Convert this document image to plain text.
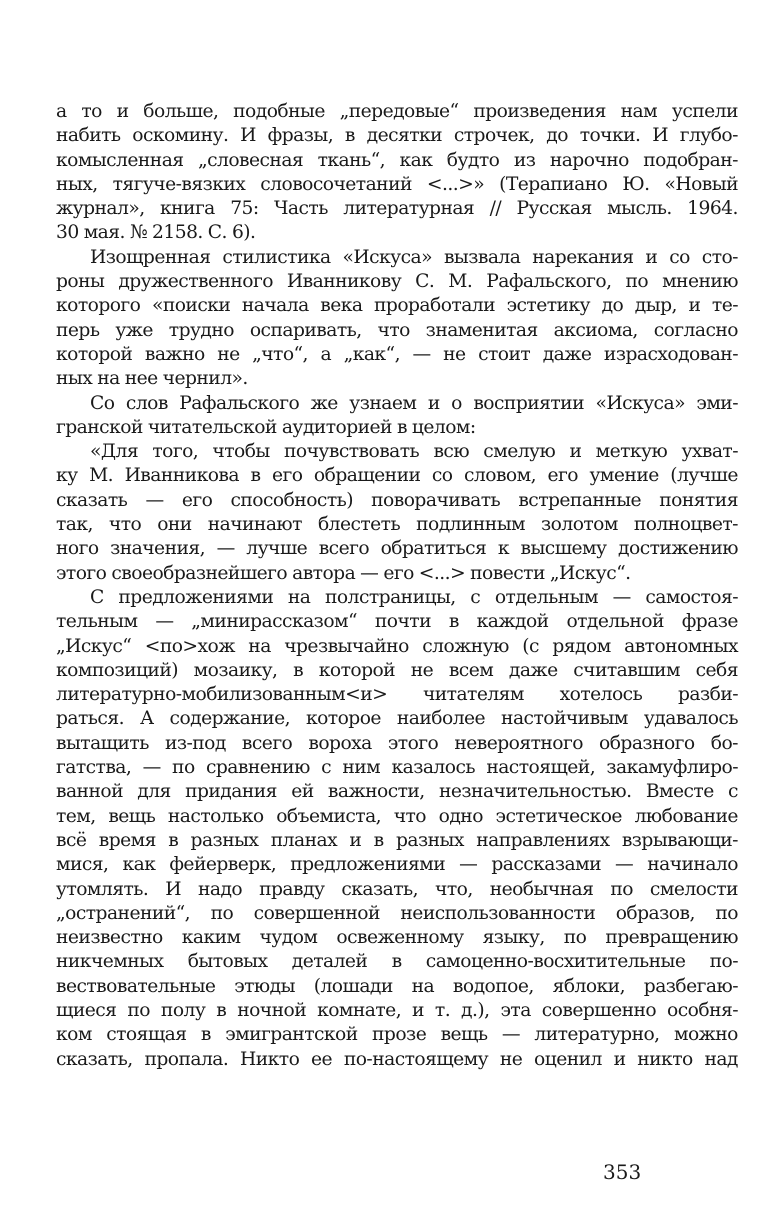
а то и больше, подобные „передовые“ произведения нам успели
набить оскомину. И фразы, в десятки строчек, до точки. И глубо-
комысленная „словесная ткань“, как будто из нарочно подобран-
ных, тягуче-вязких словосочетаний <...>» (Терапиано Ю. «Новый
журнал», книга 75: Часть литературная // Русская мысль. 1964.
30 мая. № 2158. С. 6).
Изощренная стилистика «Искуса» вызвала нарекания и со сто-
роны дружественного Иванникову С. М. Рафальского, по мнению
которого «поиски начала века проработали эстетику до дыр, и те-
перь уже трудно оспаривать, что знаменитая аксиома, согласно
которой важно не „что“, а „как“, — не стоит даже израсходован-
ных на нее чернил».
Со слов Рафальского же узнаем и о восприятии «Искуса» эми-
гранской читательской аудиторией в целом:
«Для того, чтобы почувствовать всю смелую и меткую ухват-
ку М. Иванникова в его обращении со словом, его умение (лучше
сказать — его способность) поворачивать встрепанные понятия
так, что они начинают блестеть подлинным золотом полноцвет-
ного значения, — лучше всего обратиться к высшему достижению
этого своеобразнейшего автора — его <...> повести „Искус“.
С предложениями на полстраницы, с отдельным — самостоя-
тельным — „минирассказом“ почти в каждой отдельной фразе
„Искус“ <по>хож на чрезвычайно сложную (с рядом автономных
композиций) мозаику, в которой не всем даже считавшим себя
литературно-мобилизованным<и> читателям хотелось разби-
раться. А содержание, которое наиболее настойчивым удавалось
вытащить из-под всего вороха этого невероятного образного бо-
гатства, — по сравнению с ним казалось настоящей, закамуфлиро-
ванной для придания ей важности, незначительностью. Вместе с
тем, вещь настолько объемиста, что одно эстетическое любование
всё время в разных планах и в разных направлениях взрывающи-
мися, как фейерверк, предложениями — рассказами — начинало
утомлять. И надо правду сказать, что, необычная по смелости
„остранений“, по совершенной неиспользованности образов, по
неизвестно каким чудом освеженному языку, по превращению
никчемных бытовых деталей в самоценно-восхитительные по-
вествовательные этюды (лошади на водопое, яблоки, разбегаю-
щиеся по полу в ночной комнате, и т. д.), эта совершенно особня-
ком стоящая в эмигрантской прозе вещь — литературно, можно
сказать, пропала. Никто ее по-настоящему не оценил и никто над
353
